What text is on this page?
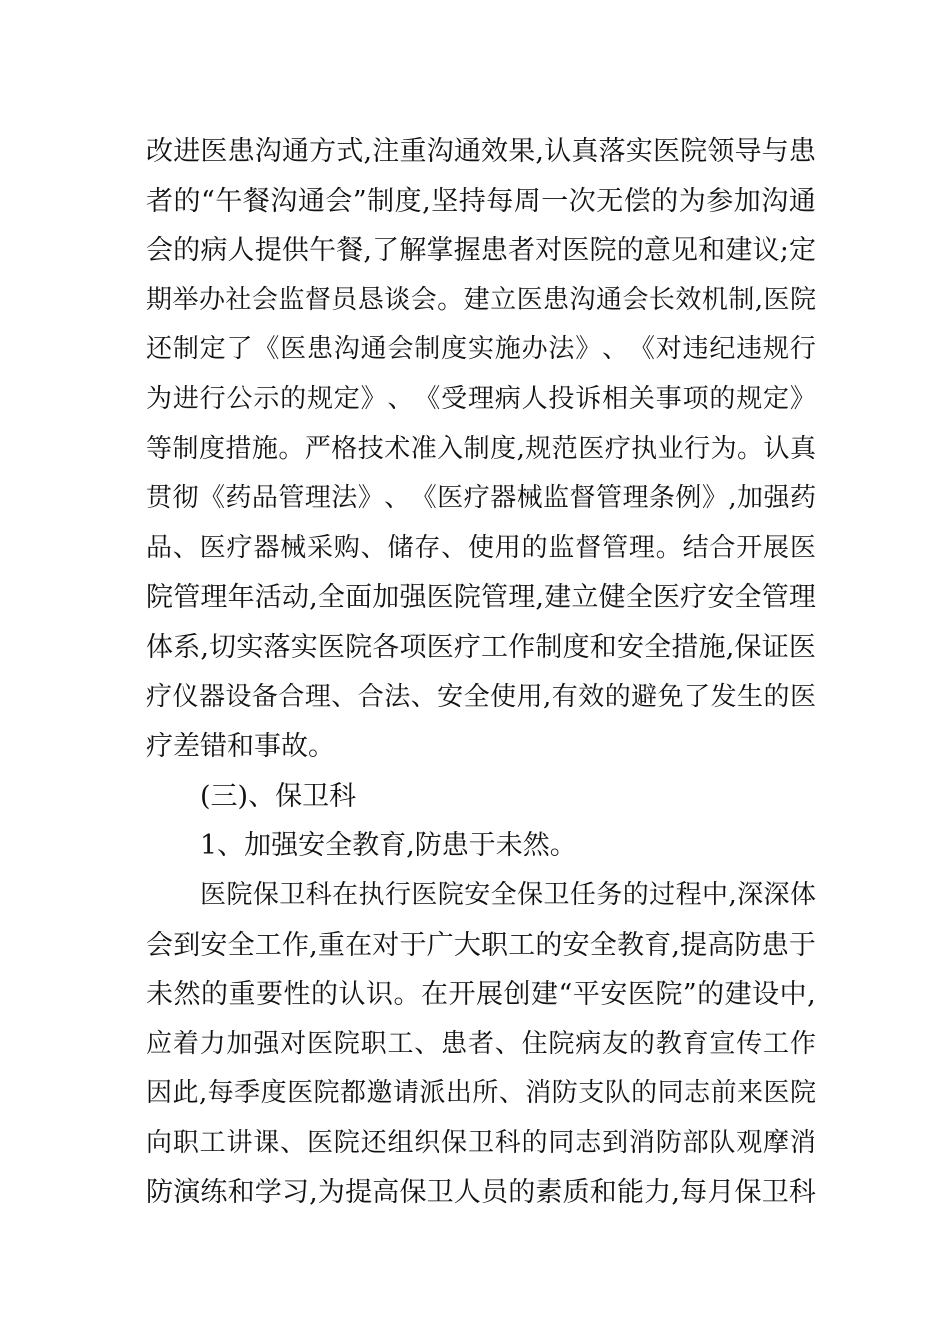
改 进 医 患 沟 通 方 式 , 注 重 沟 通 效 果 , 认 真 落 实 医 院 领 导 与 患
者 的 “ 午 餐 沟 通 会 ” 制 度 , 坚 持 每 周 一 次 无 偿 的 为 参 加 沟 通
会 的 病 人 提 供 午 餐 , 了 解 掌 握 患 者 对 医 院 的 意 见 和 建 议 ; 定
期 举 办 社 会 监 督 员 恳 谈 会 。 建 立 医 患 沟 通 会 长 效 机 制 , 医 院
还 制 定 了 《 医 患 沟 通 会 制 度 实 施 办 法 》 、 《 对 违 纪 违 规 行
为 进 行 公 示 的 规 定 》 、 《 受 理 病 人 投 诉 相 关 事 项 的 规 定 》
等 制 度 措 施 。 严 格 技 术 准 入 制 度 , 规 范 医 疗 执 业 行 为 。 认 真
贯 彻 《 药 品 管 理 法 》 、 《 医 疗 器 械 监 督 管 理 条 例 》 , 加 强 药
品 、 医 疗 器 械 采 购 、 储 存 、 使 用 的 监 督 管 理 。 结 合 开 展 医
院 管 理 年 活 动 , 全 面 加 强 医 院 管 理 , 建 立 健 全 医 疗 安 全 管 理
体 系 , 切 实 落 实 医 院 各 项 医 疗 工 作 制 度 和 安 全 措 施 , 保 证 医
疗 仪 器 设 备 合 理 、 合 法 、 安 全 使 用 , 有 效 的 避 免 了 发 生 的 医
疗差错和事故。
(三)、保卫科
1、加强安全教育,防患于未然。
医 院 保 卫 科 在 执 行 医 院 安 全 保 卫 任 务 的 过 程 中 , 深 深 体
会 到 安 全 工 作 , 重 在 对 于 广 大 职 工 的 安 全 教 育 , 提 高 防 患 于
未 然 的 重 要 性 的 认 识 。 在 开 展 创 建 “ 平 安 医 院 ” 的 建 设 中 ,
应 着 力 加 强 对 医 院 职 工 、 患 者 、 住 院 病 友 的 教 育 宣 传 工 作
因 此 , 每 季 度 医 院 都 邀 请 派 出 所 、 消 防 支 队 的 同 志 前 来 医 院
向 职 工 讲 课 、 医 院 还 组 织 保 卫 科 的 同 志 到 消 防 部 队 观 摩 消
防 演 练 和 学 习 , 为 提 高 保 卫 人 员 的 素 质 和 能 力 , 每 月 保 卫 科
